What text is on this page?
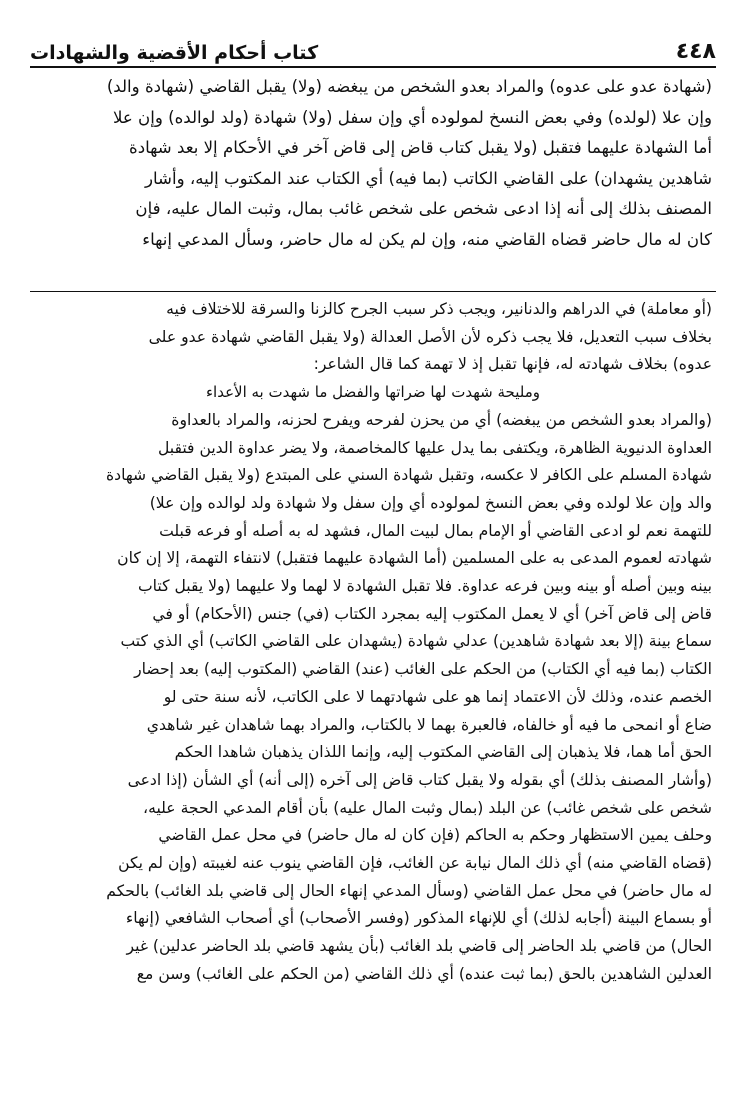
٤٤٨
كتاب أحكام الأقضية والشهادات

(شهادة عدو على عدوه) والمراد بعدو الشخص من يبغضه (ولا) يقبل القاضي (شهادة والد)

وإن علا (لولده) وفي بعض النسخ لمولوده أي وإن سفل (ولا) شهادة (ولد لوالده) وإن علا

أما الشهادة عليهما فتقبل (ولا يقبل كتاب قاض إلى قاض آخر في الأحكام إلا بعد شهادة

شاهدين يشهدان) على القاضي الكاتب (بما فيه) أي الكتاب عند المكتوب إليه، وأشار

المصنف بذلك إلى أنه إذا ادعى شخص على شخص غائب بمال، وثبت المال عليه، فإن

كان له مال حاضر قضاه القاضي منه، وإن لم يكن له مال حاضر، وسأل المدعي إنهاء

(أو معاملة) في الدراهم والدنانير، ويجب ذكر سبب الجرح كالزنا والسرقة للاختلاف فيه

بخلاف سبب التعديل، فلا يجب ذكره لأن الأصل العدالة (ولا يقبل القاضي شهادة عدو على

عدوه) بخلاف شهادته له، فإنها تقبل إذ لا تهمة كما قال الشاعر:

ومليحة شهدت لها ضراتها والفضل ما شهدت به الأعداء

(والمراد بعدو الشخص من يبغضه) أي من يحزن لفرحه ويفرح لحزنه، والمراد بالعداوة

العداوة الدنيوية الظاهرة، ويكتفى بما يدل عليها كالمخاصمة، ولا يضر عداوة الدين فتقبل

شهادة المسلم على الكافر لا عكسه، وتقبل شهادة السني على المبتدع (ولا يقبل القاضي شهادة

والد وإن علا لولده وفي بعض النسخ لمولوده أي وإن سفل ولا شهادة ولد لوالده وإن علا)

للتهمة نعم لو ادعى القاضي أو الإمام بمال لبيت المال، فشهد له به أصله أو فرعه قبلت

شهادته لعموم المدعى به على المسلمين (أما الشهادة عليهما فتقبل) لانتفاء التهمة، إلا إن كان

بينه وبين أصله أو بينه وبين فرعه عداوة. فلا تقبل الشهادة لا لهما ولا عليهما (ولا يقبل كتاب

قاض إلى قاض آخر) أي لا يعمل المكتوب إليه بمجرد الكتاب (في) جنس (الأحكام) أو في

سماع بينة (إلا بعد شهادة شاهدين) عدلي شهادة (يشهدان على القاضي الكاتب) أي الذي كتب

الكتاب (بما فيه أي الكتاب) من الحكم على الغائب (عند) القاضي (المكتوب إليه) بعد إحضار

الخصم عنده، وذلك لأن الاعتماد إنما هو على شهادتهما لا على الكاتب، لأنه سنة حتى لو

ضاع أو انمحى ما فيه أو خالفاه، فالعبرة بهما لا بالكتاب، والمراد بهما شاهدان غير شاهدي

الحق أما هما، فلا يذهبان إلى القاضي المكتوب إليه، وإنما اللذان يذهبان شاهدا الحكم

(وأشار المصنف بذلك) أي بقوله ولا يقبل كتاب قاض إلى آخره (إلى أنه) أي الشأن (إذا ادعى

شخص على شخص غائب) عن البلد (بمال وثبت المال عليه) بأن أقام المدعي الحجة عليه،

وحلف يمين الاستظهار وحكم به الحاكم (فإن كان له مال حاضر) في محل عمل القاضي

(قضاه القاضي منه) أي ذلك المال نيابة عن الغائب، فإن القاضي ينوب عنه لغيبته (وإن لم يكن

له مال حاضر) في محل عمل القاضي (وسأل المدعي إنهاء الحال إلى قاضي بلد الغائب) بالحكم

أو بسماع البينة (أجابه لذلك) أي للإنهاء المذكور (وفسر الأصحاب) أي أصحاب الشافعي (إنهاء

الحال) من قاضي بلد الحاضر إلى قاضي بلد الغائب (بأن يشهد قاضي بلد الحاضر عدلين) غير

العدلين الشاهدين بالحق (بما ثبت عنده) أي ذلك القاضي (من الحكم على الغائب) وسن مع
